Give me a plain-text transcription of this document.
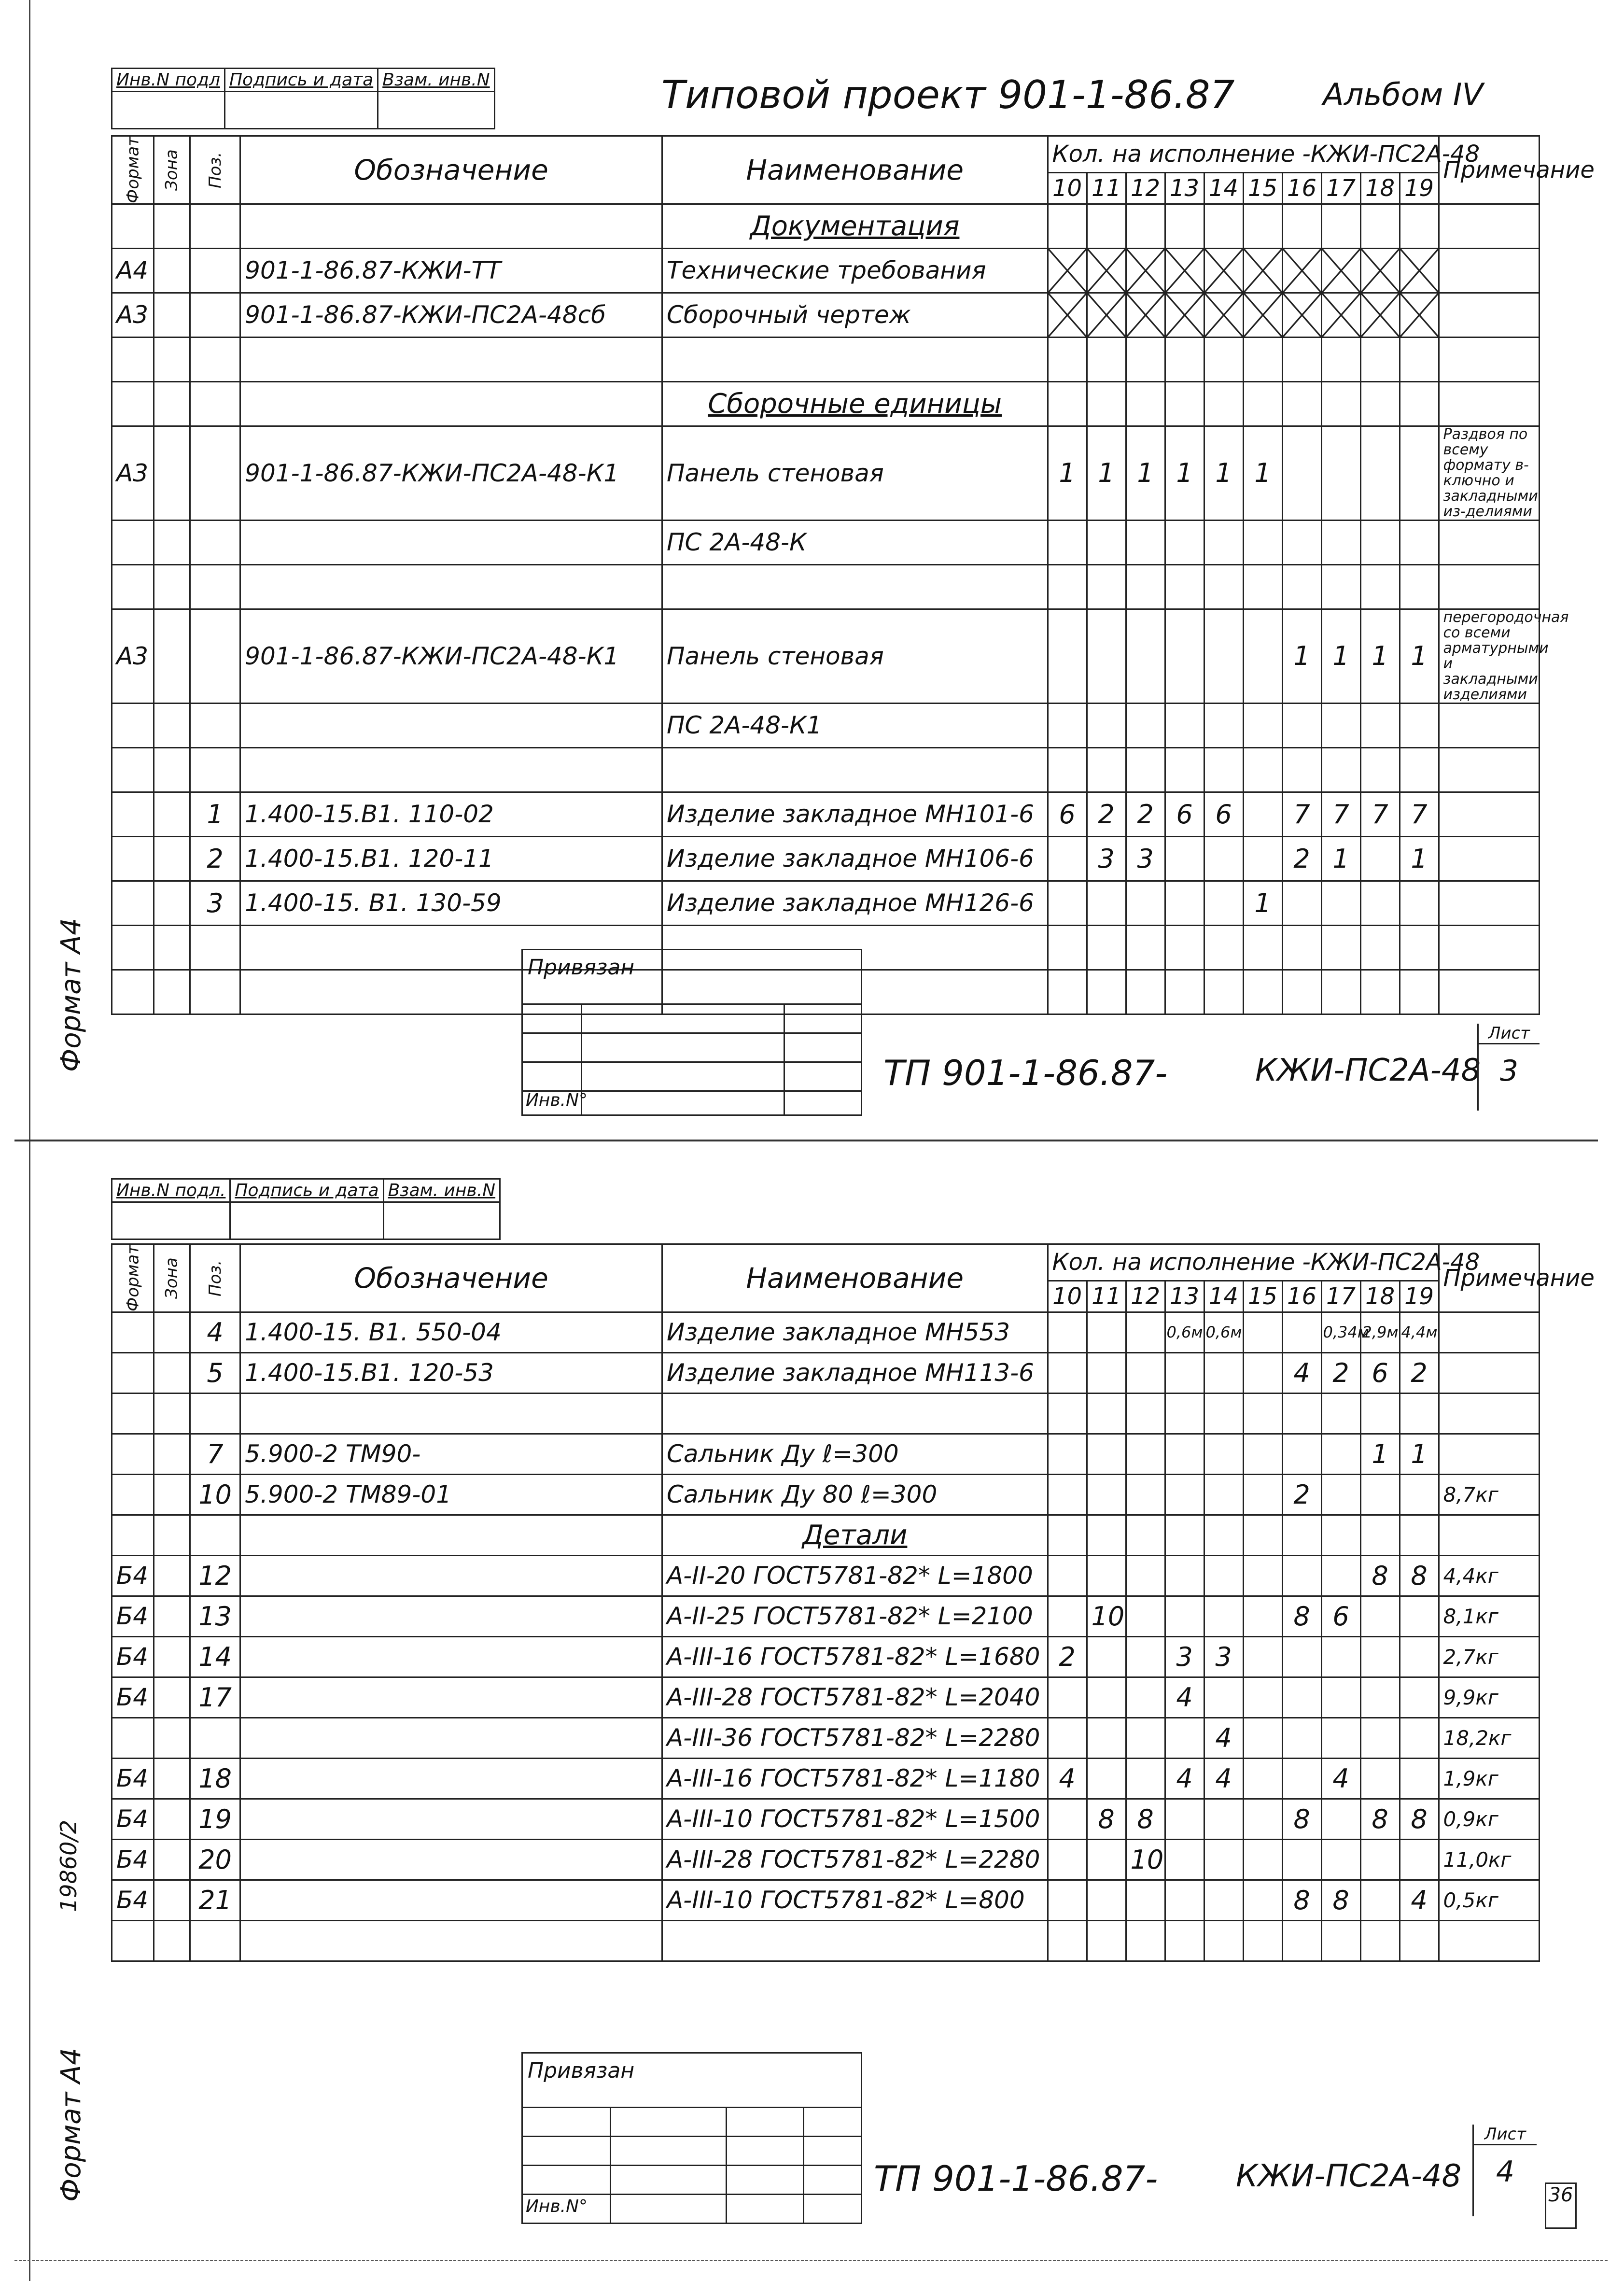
Инв.N подл	Подпись и дата	Взам. инв.N
			Типовой проект 901-1-86.87	Альбом IV
Формат	Зона	Поз.	Обозначение	Наименование	Кол. на исполнение -КЖИ-ПС2А-48										Примечание
					10	11	12	13	14	15	16	17	18	19	
				Документация											
А4			901-1-86.87-КЖИ-ТТ	Технические требования	

А3			901-1-86.87-КЖИ-ПС2А-48сб	Сборочный чертеж	

				Сборочные единицы											
А3			901-1-86.87-КЖИ-ПС2А-48-К1	Панель стеновая	1	1	1	1	1	1					Раздвоя по всему формату в-ключно и закладными из-делиями
				ПС 2А-48-К											

А3			901-1-86.87-КЖИ-ПС2А-48-К1	Панель стеновая							1	1	1	1	перегородочная со всеми арматурными и закладными изделиями
				ПС 2А-48-К1											

		1	1.400-15.В1. 110-02	Изделие закладное МН101-6	6	2	2	6	6		7	7	7	7	
		2	1.400-15.В1. 120-11	Изделие закладное МН106-6		3	3				2	1		1	
		3	1.400-15. В1. 130-59	Изделие закладное МН126-6						1					

Привязан
Инв.N°
ТП 901-1-86.87-	КЖИ-ПС2А-48
Лист
3
Формат А4
Инв.N подл.	Подпись и дата	Взам. инв.N

Формат	Зона	Поз.	Обозначение	Наименование	Кол. на исполнение -КЖИ-ПС2А-48										Примечание
					10	11	12	13	14	15	16	17	18	19	
		4	1.400-15. В1. 550-04	Изделие закладное МН553				0,6м	0,6м			0,34м	2,9м	4,4м	
		5	1.400-15.В1. 120-53	Изделие закладное МН113-6							4	2	6	2	

		7	5.900-2 ТМ90-	Сальник Ду ℓ=300									1	1	
		10	5.900-2 ТМ89-01	Сальник Ду 80 ℓ=300							2				8,7кг
				Детали											
Б4		12		А-II-20 ГОСТ5781-82* L=1800									8	8	4,4кг
Б4		13		А-II-25 ГОСТ5781-82* L=2100		10					8	6			8,1кг
Б4		14		А-III-16 ГОСТ5781-82* L=1680	2			3	3						2,7кг
Б4		17		А-III-28 ГОСТ5781-82* L=2040				4							9,9кг
				А-III-36 ГОСТ5781-82* L=2280					4						18,2кг
Б4		18		А-III-16 ГОСТ5781-82* L=1180	4			4	4			4			1,9кг
Б4		19		А-III-10 ГОСТ5781-82* L=1500		8	8				8		8	8	0,9кг
Б4		20		А-III-28 ГОСТ5781-82* L=2280			10								11,0кг
Б4		21		А-III-10 ГОСТ5781-82* L=800							8	8		4	0,5кг

Привязан
Инв.N°
ТП 901-1-86.87-	КЖИ-ПС2А-48
Лист
4
36
Формат А4
19860/2
